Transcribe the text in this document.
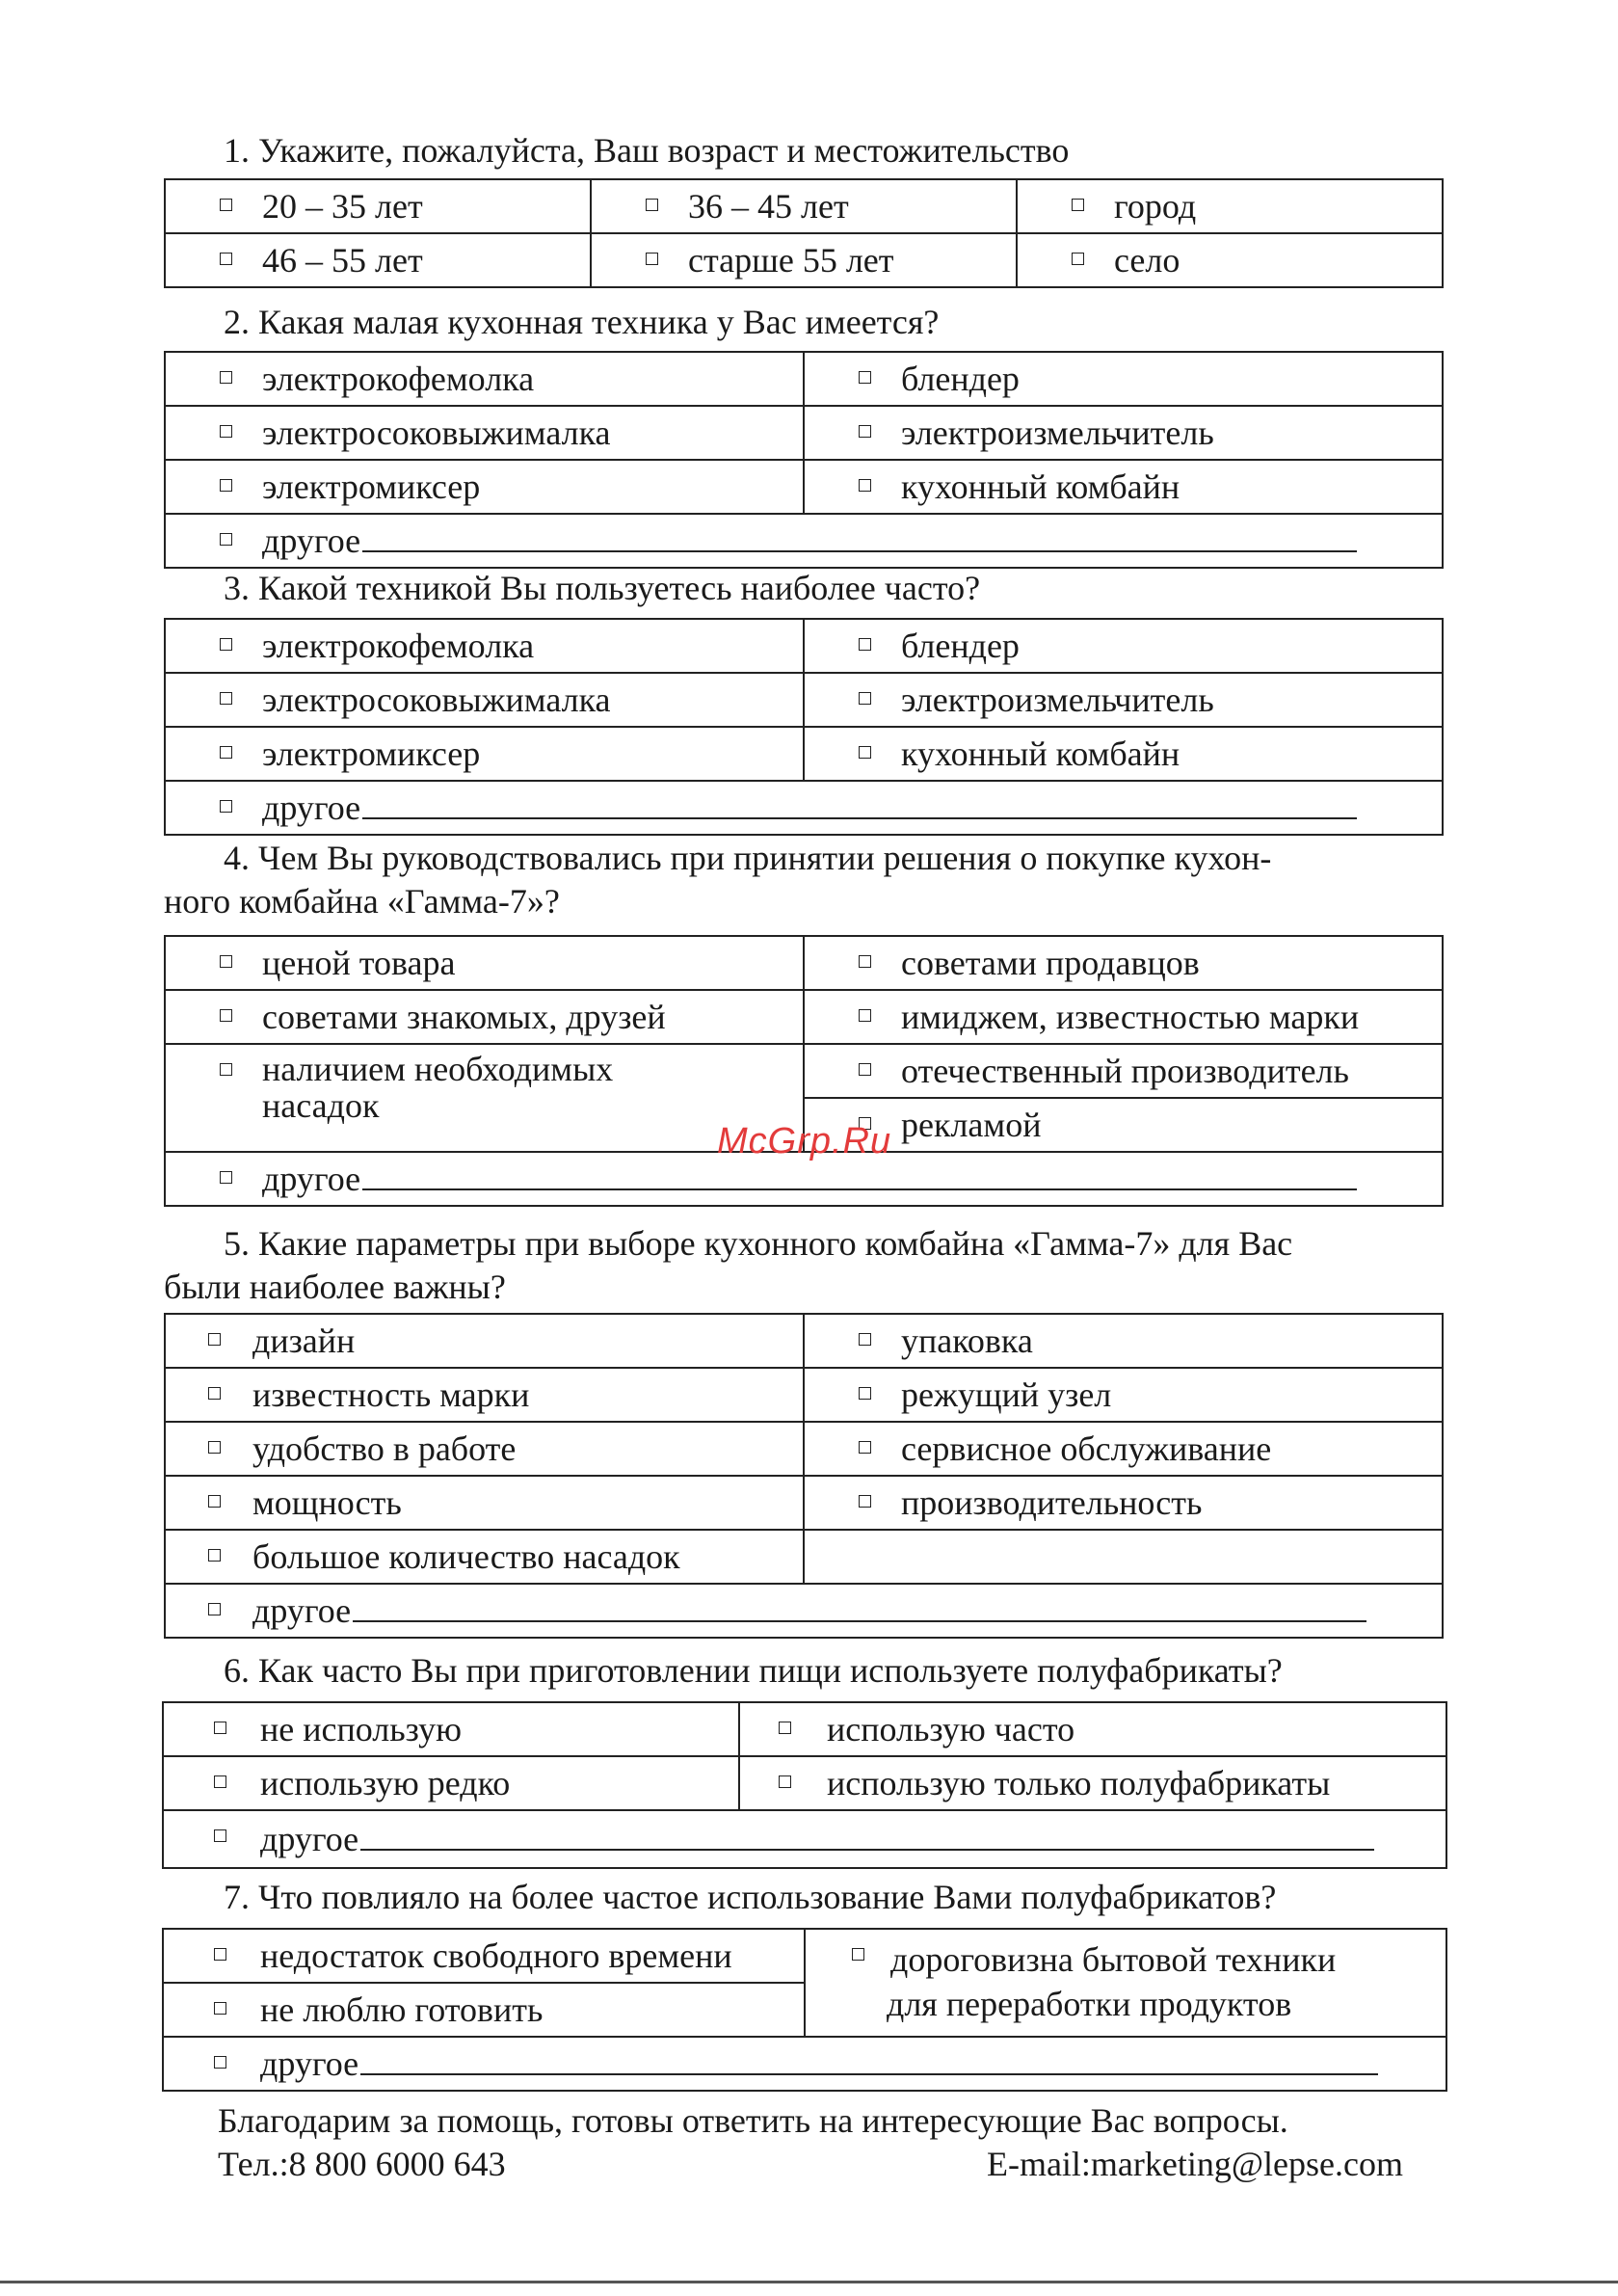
1. Укажите, пожалуйста, Ваш возраст и местожительство
20 – 35 лет	36 – 45 лет	город

46 – 55 лет	старше 55 лет	село
2. Какая малая кухонная техника у Вас имеется?
электрокофемолка	блендер

электросоковыжималка	электроизмельчитель

электромиксер	кухонный комбайн

другое	
3. Какой техникой Вы пользуетесь наиболее часто?
электрокофемолка	блендер

электросоковыжималка	электроизмельчитель

электромиксер	кухонный комбайн

другое	
4. Чем Вы руководствовались при принятии решения о покупке кухон-
ного комбайна «Гамма-7»?
ценой товара	советами продавцов

советами знакомых, друзей	имиджем, известностью марки

наличием необходимых
насадок	отечественный производитель

рекламой

другое	
5. Какие параметры при выборе кухонного комбайна «Гамма-7» для Вас
были наиболее важны?
дизайн	упаковка

известность марки	режущий узел

удобство в работе	сервисное обслуживание

мощность	производительность

большое количество насадок	

другое	
6. Как часто Вы при приготовлении пищи используете полуфабрикаты?
не использую	использую часто

использую редко	использую только полуфабрикаты

другое	
7. Что повлияло на более частое использование Вами полуфабрикатов?
недостаток свободного времени	дороговизна бытовой техники
для переработки продуктов

не люблю готовить

другое
Благодарим за помощь, готовы ответить на интересующие Вас вопросы.
Тел.:8 800 6000 643	E-mail:marketing@lepse.com
McGrp.Ru
